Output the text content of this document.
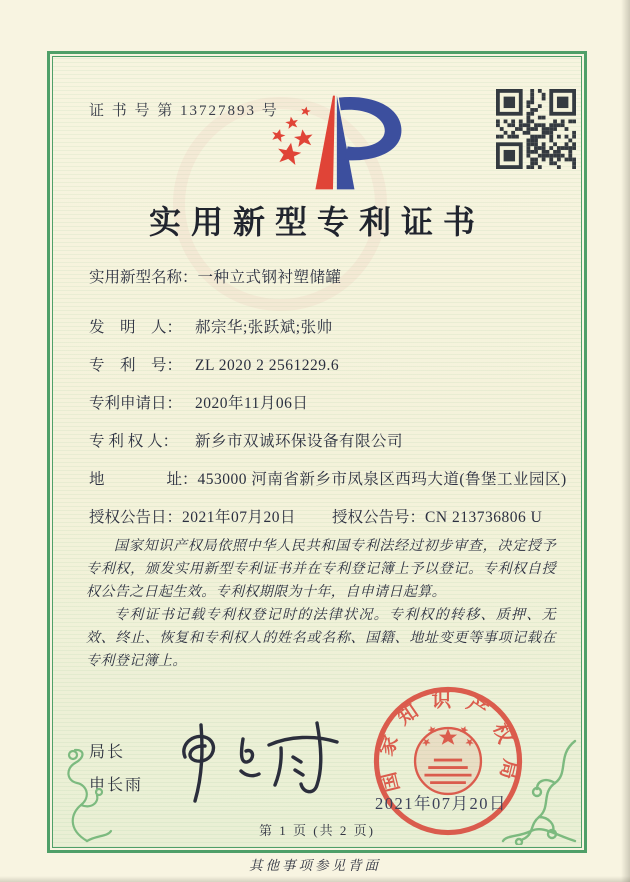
证 书 号 第 13727893 号
实用新型专利证书
实用新型名称：一种立式钢衬塑储罐
发　明　人： 郝宗华;张跃斌;张帅
专　利　号： ZL 2020 2 2561229.6
专利申请日： 2020年11月06日
专 利 权 人： 新乡市双诚环保设备有限公司
地　　　　址：453000 河南省新乡市凤泉区西玛大道(鲁堡工业园区)
授权公告日：2021年07月20日 授权公告号：CN 213736806 U

国家知识产权局依照中华人民共和国专利法经过初步审查，决定授予专利权，颁发实用新型专利证书并在专利登记簿上予以登记。专利权自授权公告之日起生效。专利权期限为十年，自申请日起算。

专利证书记载专利权登记时的法律状况。专利权的转移、质押、无效、终止、恢复和专利权人的姓名或名称、国籍、地址变更等事项记载在专利登记簿上。

局长
申长雨	国家知识产权局
2021年07月20日
第 1 页 (共 2 页)
其他事项参见背面
